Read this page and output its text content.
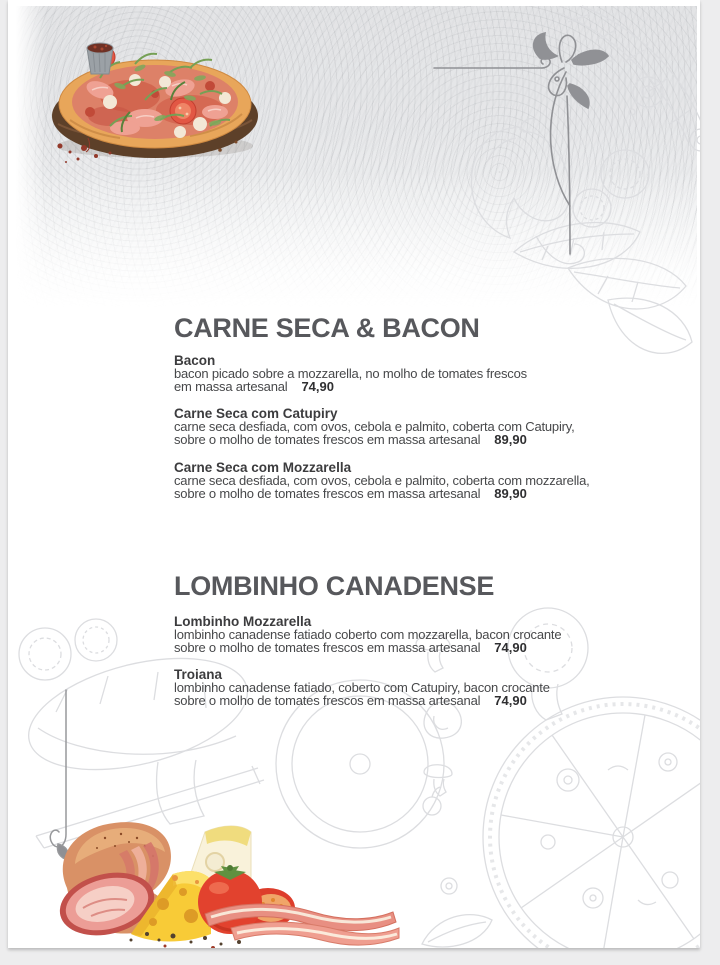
CARNE SECA & BACON
Bacon
bacon picado sobre a mozzarella, no molho de tomates frescos
em massa artesanal 74,90
Carne Seca com Catupiry
carne seca desfiada, com ovos, cebola e palmito, coberta com Catupiry,
sobre o molho de tomates frescos em massa artesanal 89,90
Carne Seca com Mozzarella
carne seca desfiada, com ovos, cebola e palmito, coberta com mozzarella,
sobre o molho de tomates frescos em massa artesanal 89,90
LOMBINHO CANADENSE
Lombinho Mozzarella
lombinho canadense fatiado coberto com mozzarella, bacon crocante
sobre o molho de tomates frescos em massa artesanal 74,90
Troiana
lombinho canadense fatiado, coberto com Catupiry, bacon crocante
sobre o molho de tomates frescos em massa artesanal 74,90
